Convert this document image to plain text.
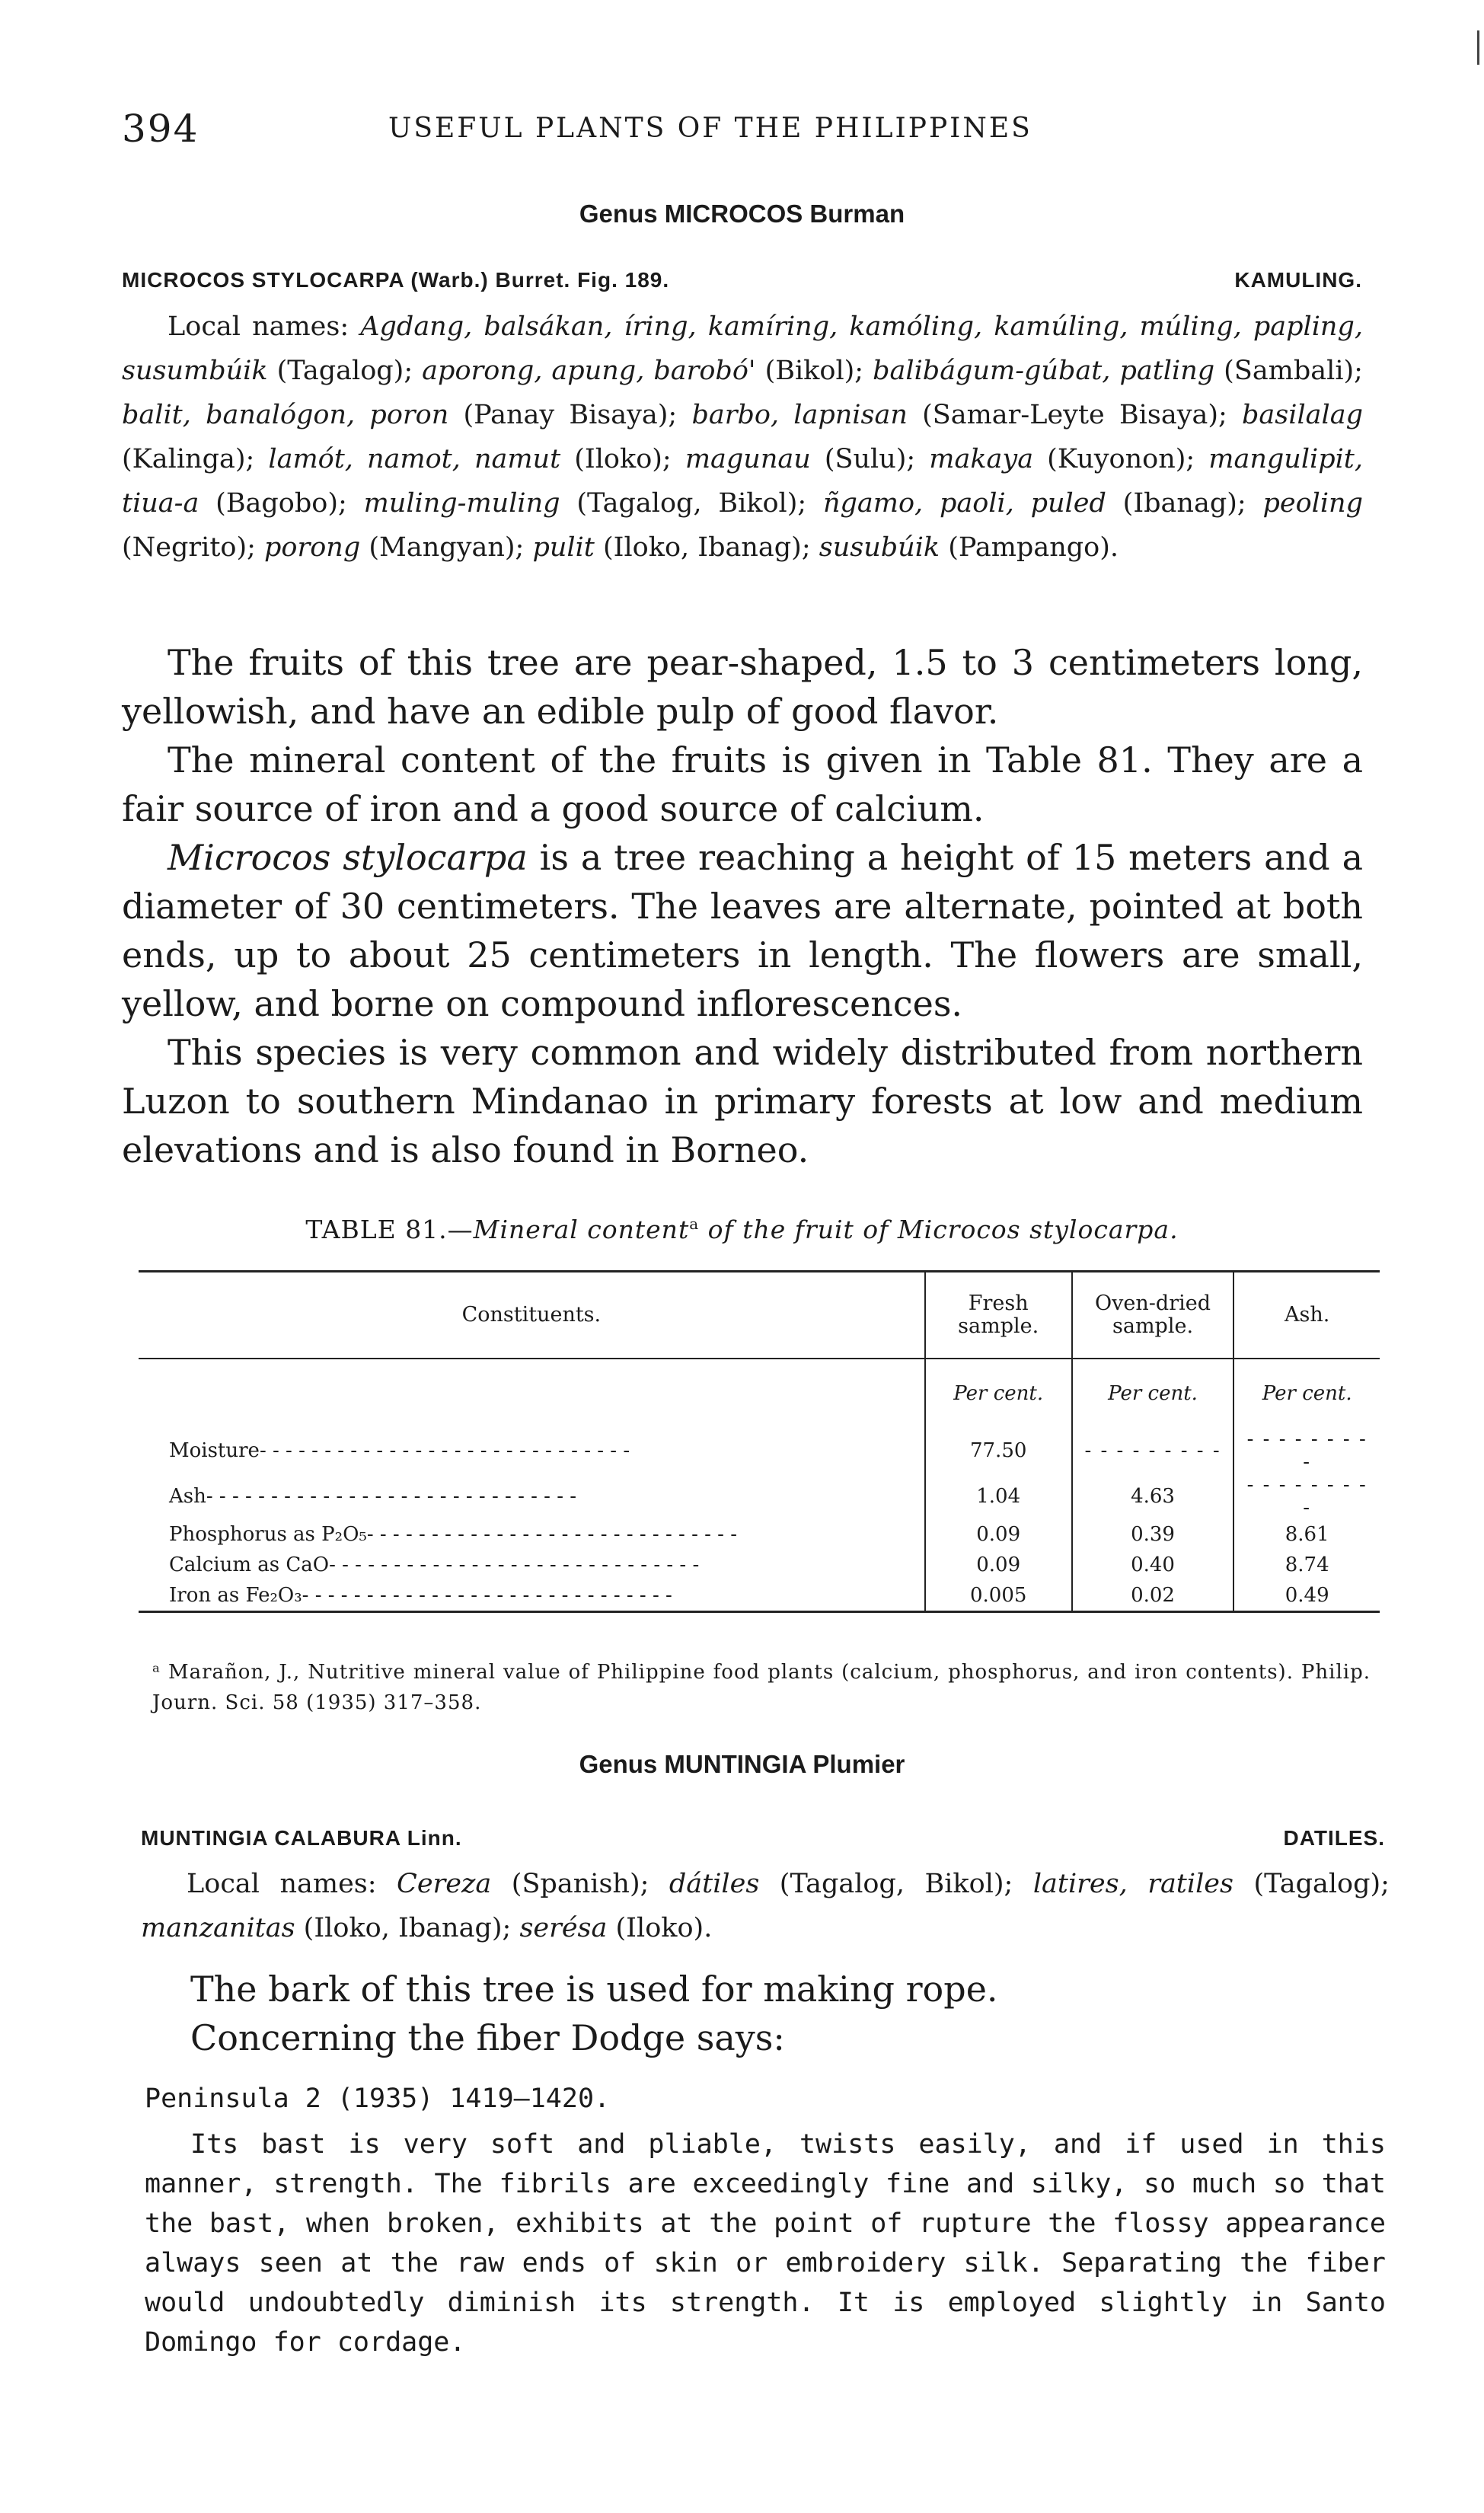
394	USEFUL PLANTS OF THE PHILIPPINES
Genus MICROCOS Burman
MICROCOS STYLOCARPA (Warb.) Burret. Fig. 189.	KAMULING.
Local names: Agdang, balsákan, íring, kamíring, kamóling, kamúling, múling, papling, susumbúik (Tagalog); aporong, apung, barobó' (Bikol); balibágum-gúbat, patling (Sambali); balit, banalógon, poron (Panay Bisaya); barbo, lapnisan (Samar-Leyte Bisaya); basilalag (Kalinga); lamót, namot, namut (Iloko); magunau (Sulu); makaya (Kuyonon); mangulipit, tiua-a (Bagobo); muling-muling (Tagalog, Bikol); ñgamo, paoli, puled (Ibanag); peoling (Negrito); porong (Mangyan); pulit (Iloko, Ibanag); susubúik (Pampango).
The fruits of this tree are pear-shaped, 1.5 to 3 centimeters long, yellowish, and have an edible pulp of good flavor.
The mineral content of the fruits is given in Table 81. They are a fair source of iron and a good source of calcium.
Microcos stylocarpa is a tree reaching a height of 15 meters and a diameter of 30 centimeters. The leaves are alternate, pointed at both ends, up to about 25 centimeters in length. The flowers are small, yellow, and borne on compound inflorescences.
This species is very common and widely distributed from northern Luzon to southern Mindanao in primary forests at low and medium elevations and is also found in Borneo.
TABLE 81.—Mineral content$^a$ of the fruit of Microcos stylocarpa.
Constituents.	Fresh sample.	Oven-dried sample.	Ash.
	Per cent.	Per cent.	Per cent.
Moisture- - - - - - - - - - - - - - - - - - - - - - - - - - - - -	77.50	- - - - - - - - -	- - - - - - - - -
Ash- - - - - - - - - - - - - - - - - - - - - - - - - - - - -	1.04	4.63	- - - - - - - - -
Phosphorus as P₂O₅- - - - - - - - - - - - - - - - - - - - - - - - - - - - -	0.09	0.39	8.61
Calcium as CaO- - - - - - - - - - - - - - - - - - - - - - - - - - - - -	0.09	0.40	8.74
Iron as Fe₂O₃- - - - - - - - - - - - - - - - - - - - - - - - - - - - -	0.005	0.02	0.49
ᵃ Marañon, J., Nutritive mineral value of Philippine food plants (calcium, phosphorus, and iron contents). Philip. Journ. Sci. 58 (1935) 317–358.
Genus MUNTINGIA Plumier
MUNTINGIA CALABURA Linn.	DATILES.
Local names: Cereza (Spanish); dátiles (Tagalog, Bikol); latires, ratiles (Tagalog); manzanitas (Iloko, Ibanag); serésa (Iloko).
The bark of this tree is used for making rope.
Concerning the fiber Dodge says:
Peninsula 2 (1935) 1419–1420.
Its bast is very soft and pliable, twists easily, and if used in this manner, strength. The fibrils are exceedingly fine and silky, so much so that the bast, when broken, exhibits at the point of rupture the flossy appearance always seen at the raw ends of skin or embroidery silk. Separating the fiber would undoubtedly diminish its strength. It is employed slightly in Santo Domingo for cordage.
